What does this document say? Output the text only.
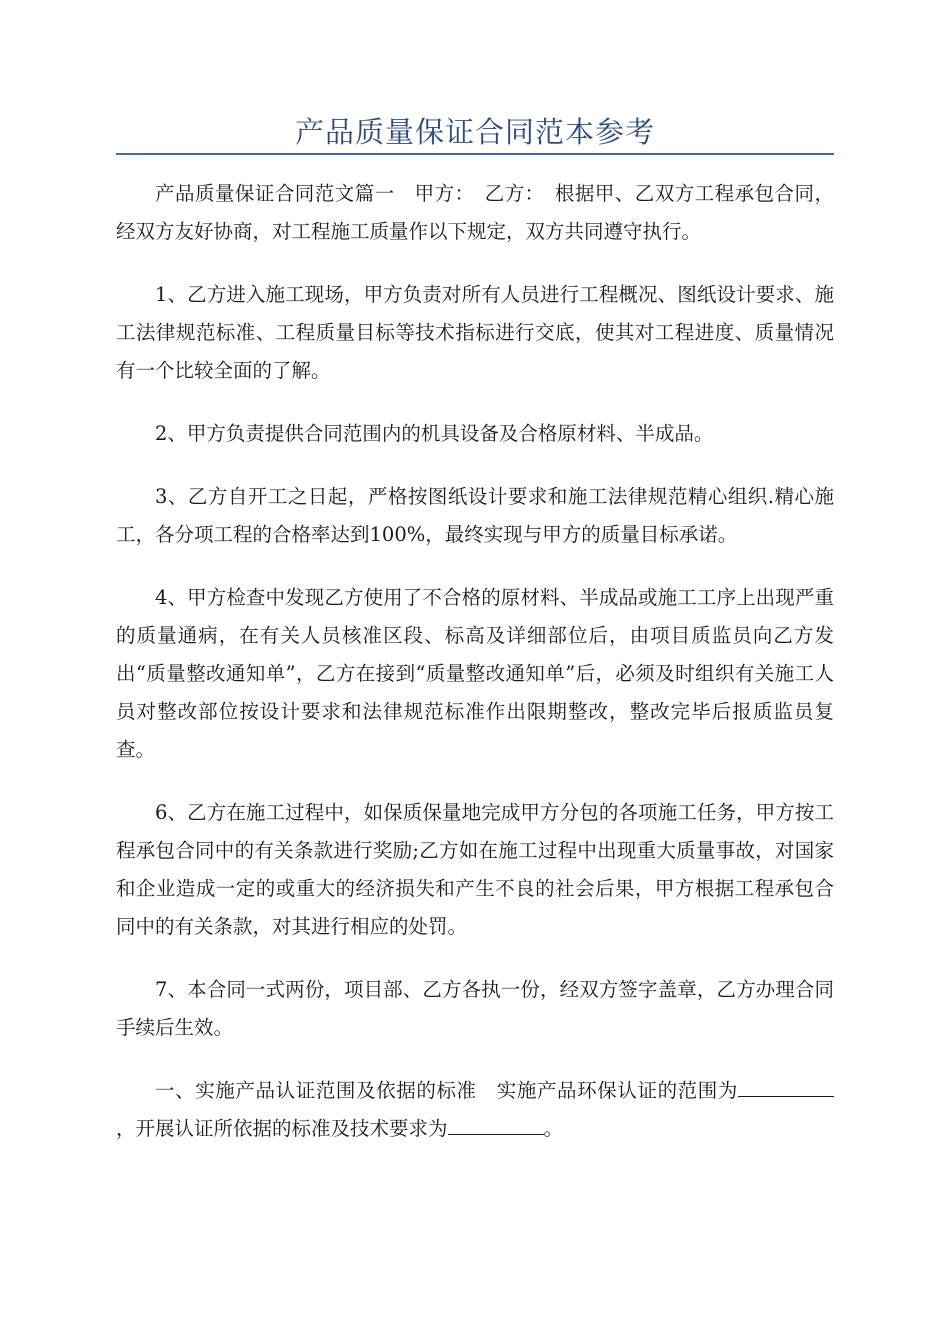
产品质量保证合同范本参考

产品质量保证合同范文篇一　甲方：　乙方：　根据甲、乙双方工程承包合同，经双方友好协商，对工程施工质量作以下规定，双方共同遵守执行。

1、乙方进入施工现场，甲方负责对所有人员进行工程概况、图纸设计要求、施工法律规范标准、工程质量目标等技术指标进行交底，使其对工程进度、质量情况有一个比较全面的了解。

2、甲方负责提供合同范围内的机具设备及合格原材料、半成品。

3、乙方自开工之日起，严格按图纸设计要求和施工法律规范精心组织.精心施工，各分项工程的合格率达到100%，最终实现与甲方的质量目标承诺。

4、甲方检查中发现乙方使用了不合格的原材料、半成品或施工工序上出现严重的质量通病，在有关人员核准区段、标高及详细部位后，由项目质监员向乙方发出“质量整改通知单”，乙方在接到“质量整改通知单”后，必须及时组织有关施工人员对整改部位按设计要求和法律规范标准作出限期整改，整改完毕后报质监员复查。

6、乙方在施工过程中，如保质保量地完成甲方分包的各项施工任务，甲方按工程承包合同中的有关条款进行奖励;乙方如在施工过程中出现重大质量事故，对国家和企业造成一定的或重大的经济损失和产生不良的社会后果，甲方根据工程承包合同中的有关条款，对其进行相应的处罚。

7、本合同一式两份，项目部、乙方各执一份，经双方签字盖章，乙方办理合同手续后生效。

一、实施产品认证范围及依据的标准　实施产品环保认证的范围为，开展认证所依据的标准及技术要求为	。
